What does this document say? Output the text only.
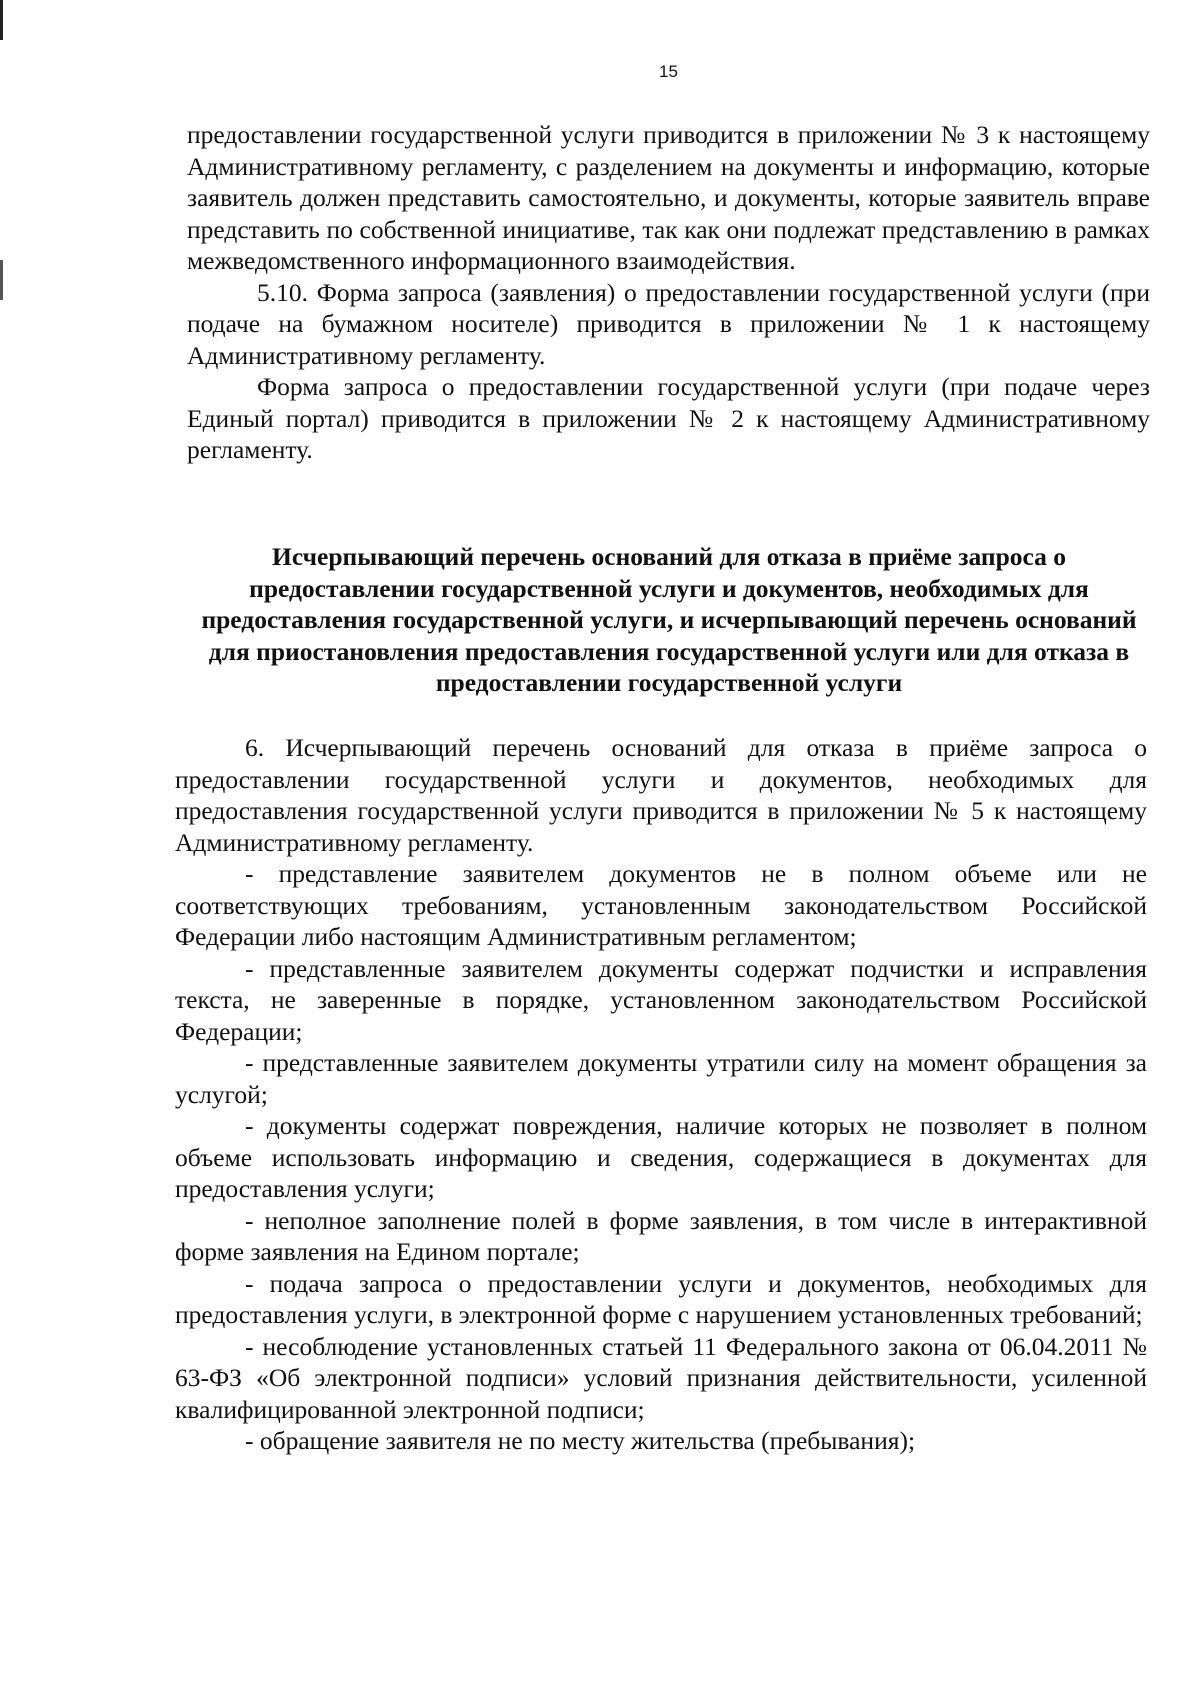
15

предоставлении государственной услуги приводится в приложении № 3 к настоящему Административному регламенту, с разделением на документы и информацию, которые заявитель должен представить самостоятельно, и документы, которые заявитель вправе представить по собственной инициативе, так как они подлежат представлению в рамках межведомственного информационного взаимодействия.

5.10. Форма запроса (заявления) о предоставлении государственной услуги (при подаче на бумажном носителе) приводится в приложении № 1 к настоящему Административному регламенту.

Форма запроса о предоставлении государственной услуги (при подаче через Единый портал) приводится в приложении № 2 к настоящему Административному регламенту.

Исчерпывающий перечень оснований для отказа в приёме запроса о предоставлении государственной услуги и документов, необходимых для предоставления государственной услуги, и исчерпывающий перечень оснований для приостановления предоставления государственной услуги или для отказа в предоставлении государственной услуги

6. Исчерпывающий перечень оснований для отказа в приёме запроса о предоставлении государственной услуги и документов, необходимых для предоставления государственной услуги приводится в приложении № 5 к настоящему Административному регламенту.

- представление заявителем документов не в полном объеме или не соответствующих требованиям, установленным законодательством Российской Федерации либо настоящим Административным регламентом;

- представленные заявителем документы содержат подчистки и исправления текста, не заверенные в порядке, установленном законодательством Российской Федерации;

- представленные заявителем документы утратили силу на момент обращения за услугой;

- документы содержат повреждения, наличие которых не позволяет в полном объеме использовать информацию и сведения, содержащиеся в документах для предоставления услуги;

- неполное заполнение полей в форме заявления, в том числе в интерактивной форме заявления на Едином портале;

- подача запроса о предоставлении услуги и документов, необходимых для предоставления услуги, в электронной форме с нарушением установленных требований;

- несоблюдение установленных статьей 11 Федерального закона от 06.04.2011 № 63-ФЗ «Об электронной подписи» условий признания действительности, усиленной квалифицированной электронной подписи;

- обращение заявителя не по месту жительства (пребывания);
